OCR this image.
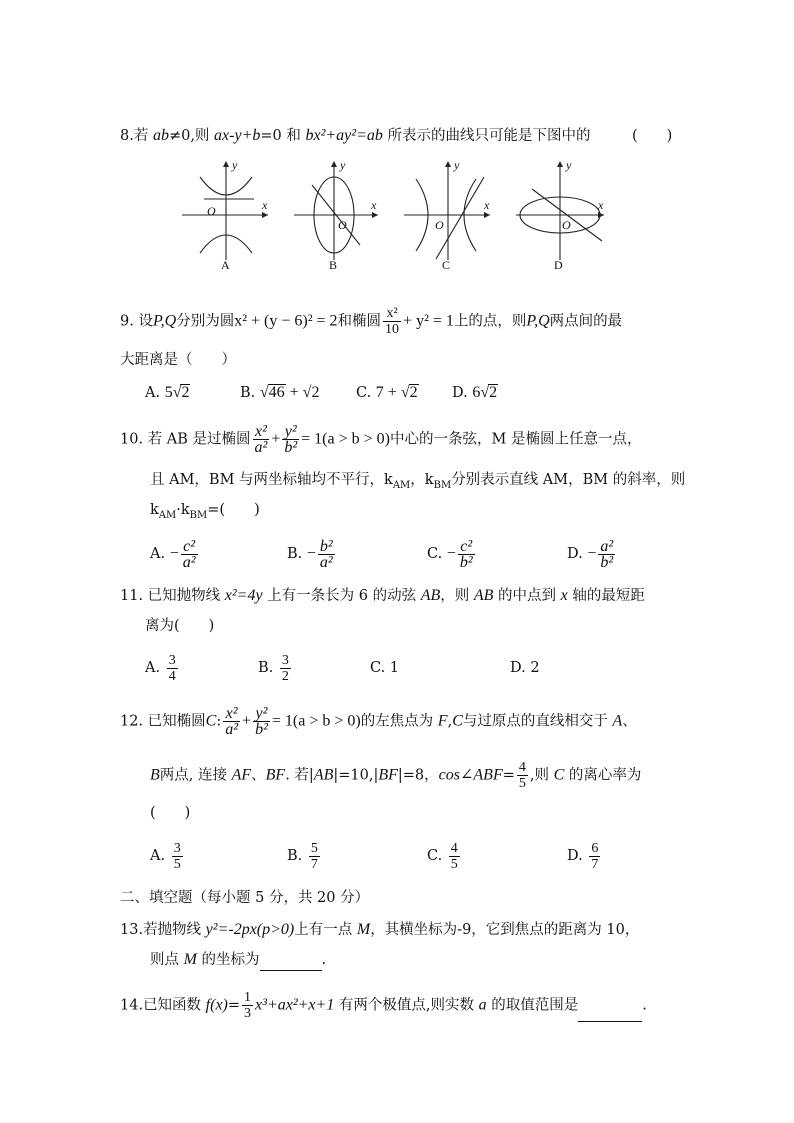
8.若 ab≠0,则 ax-y+b=0 和 bx²+ay²=ab 所表示的曲线只可能是下图中的	(　　)
y
x
O
A
y
x
O
B
y
x
O
C
y
x
O
D
9. 设P,Q分别为圆x² + (y − 6)² = 2和椭圆 $\frac{\text{x²}}{10} + y^2 = 1$上的点，则P,Q两点间的最
大距离是（　　）
A. 5√2	B. √46 + √2	C. 7 + √2 D. 6√2
10. 若 AB 是过椭圆 $\frac{\text{x²}}{\text{a²}} + \frac{\text{y²}}{\text{b²}} = 1(a > b > 0)$中心的一条弦，M 是椭圆上任意一点，
且 AM，BM 与两坐标轴均不平行，$k_{AM}$，$k_{BM}$分别表示直线 AM，BM 的斜率，则
$k_{AM}\cdot k_{BM}=$(　　)
A. − $\frac{\text{c²}}{\text{a²}}$	B. − $\frac{\text{b²}}{\text{a²}}$	C. − $\frac{\text{c²}}{\text{b²}}$	D. − $\frac{\text{a²}}{\text{b²}}$
11. 已知抛物线 x²=4y 上有一条长为 6 的动弦 AB，则 AB 的中点到 x 轴的最短距
离为(　　)
A. $\frac{3}{4}$	B. $\frac{3}{2}$	C. 1	D. 2
12. 已知椭圆C: $\frac{\text{x²}}{\text{a²}} + \frac{\text{y²}}{\text{b²}} = 1(a > b > 0)$的左焦点为 F,C与过原点的直线相交于 A、
B两点, 连接 AF、BF. 若|AB|=10,|BF|=8，cos∠ABF= $\frac{4}{5}$ ,则 C 的离心率为
(　　)
A. $\frac{3}{5}$	B. $\frac{5}{7}$	C. $\frac{4}{5}$	D. $\frac{6}{7}$
二、填空题（每小题 5 分，共 20 分）
13.若抛物线 y²=-2px(p>0)上有一点 M，其横坐标为-9，它到焦点的距离为 10，
则点 M 的坐标为	.
14.已知函数 $f(x)= \frac{1}{3} x^3+ax^2+x+1$ 有两个极值点,则实数 a 的取值范围是	.
